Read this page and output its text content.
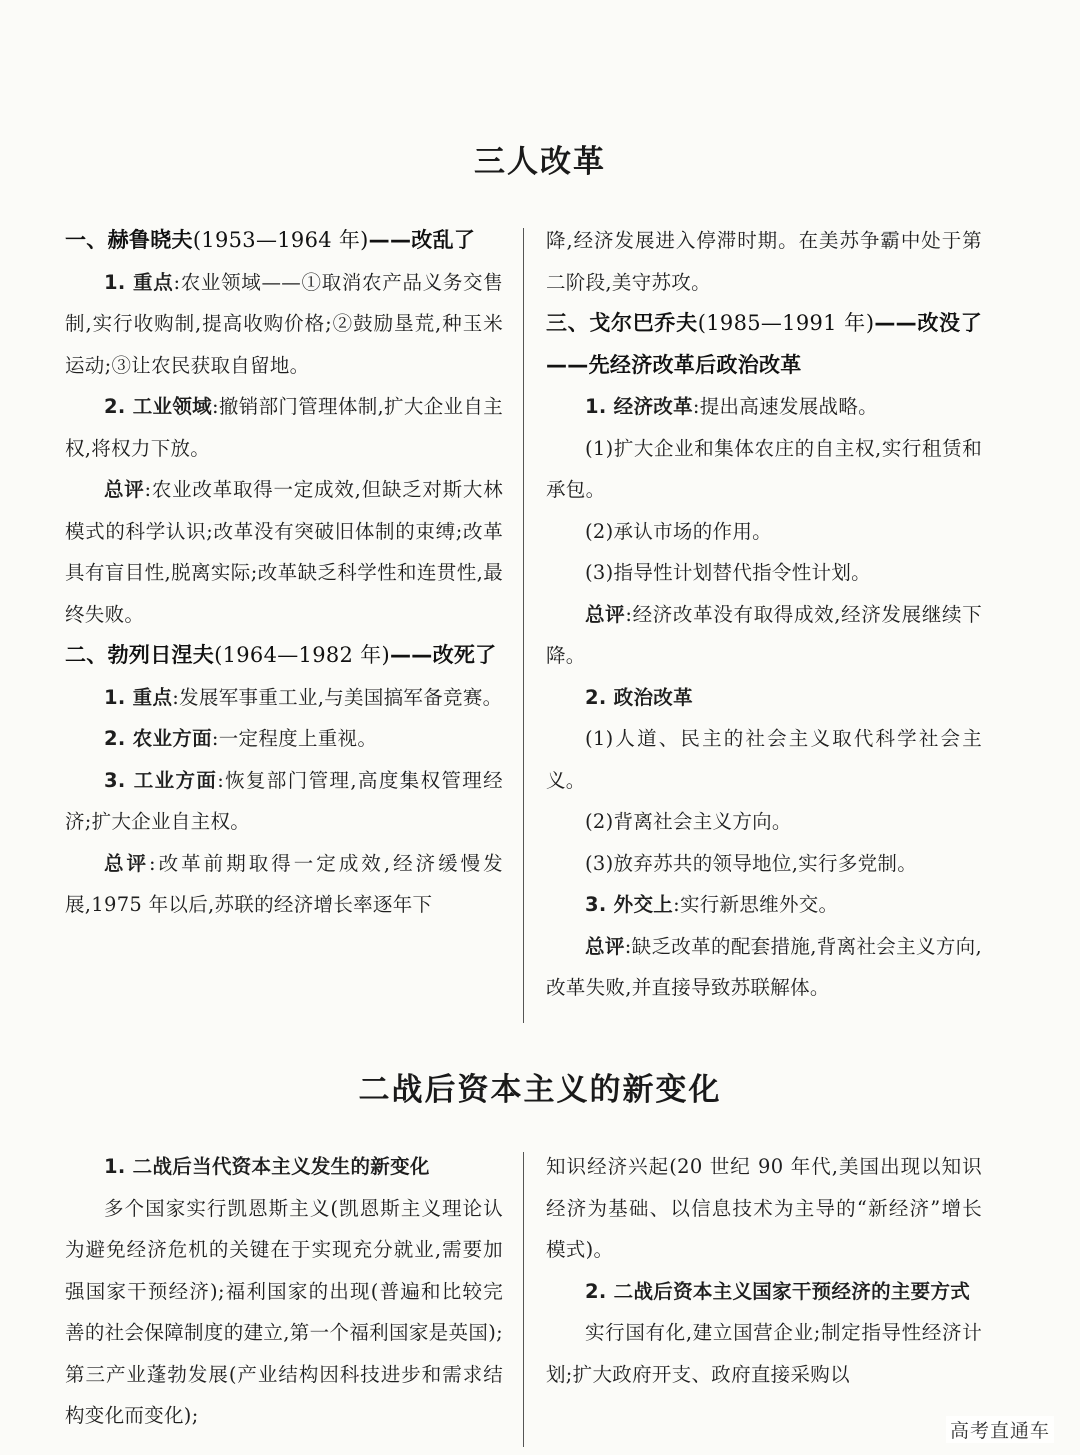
三人改革

一、赫鲁晓夫(1953—1964 年)——改乱了

1. 重点:农业领域——①取消农产品义务交售制,实行收购制,提高收购价格;②鼓励垦荒,种玉米运动;③让农民获取自留地。

2. 工业领域:撤销部门管理体制,扩大企业自主权,将权力下放。

总评:农业改革取得一定成效,但缺乏对斯大林模式的科学认识;改革没有突破旧体制的束缚;改革具有盲目性,脱离实际;改革缺乏科学性和连贯性,最终失败。

二、勃列日涅夫(1964—1982 年)——改死了

1. 重点:发展军事重工业,与美国搞军备竞赛。

2. 农业方面:一定程度上重视。

3. 工业方面:恢复部门管理,高度集权管理经济;扩大企业自主权。

总评:改革前期取得一定成效,经济缓慢发展,1975 年以后,苏联的经济增长率逐年下

降,经济发展进入停滞时期。在美苏争霸中处于第二阶段,美守苏攻。

三、戈尔巴乔夫(1985—1991 年)——改没了——先经济改革后政治改革

1. 经济改革:提出高速发展战略。

(1)扩大企业和集体农庄的自主权,实行租赁和承包。

(2)承认市场的作用。

(3)指导性计划替代指令性计划。

总评:经济改革没有取得成效,经济发展继续下降。

2. 政治改革

(1)人道、民主的社会主义取代科学社会主义。

(2)背离社会主义方向。

(3)放弃苏共的领导地位,实行多党制。

3. 外交上:实行新思维外交。

总评:缺乏改革的配套措施,背离社会主义方向,改革失败,并直接导致苏联解体。

二战后资本主义的新变化

1. 二战后当代资本主义发生的新变化

多个国家实行凯恩斯主义(凯恩斯主义理论认为避免经济危机的关键在于实现充分就业,需要加强国家干预经济);福利国家的出现(普遍和比较完善的社会保障制度的建立,第一个福利国家是英国);第三产业蓬勃发展(产业结构因科技进步和需求结构变化而变化);

知识经济兴起(20 世纪 90 年代,美国出现以知识经济为基础、以信息技术为主导的“新经济”增长模式)。

2. 二战后资本主义国家干预经济的主要方式

实行国有化,建立国营企业;制定指导性经济计划;扩大政府开支、政府直接采购以

高考直通车
